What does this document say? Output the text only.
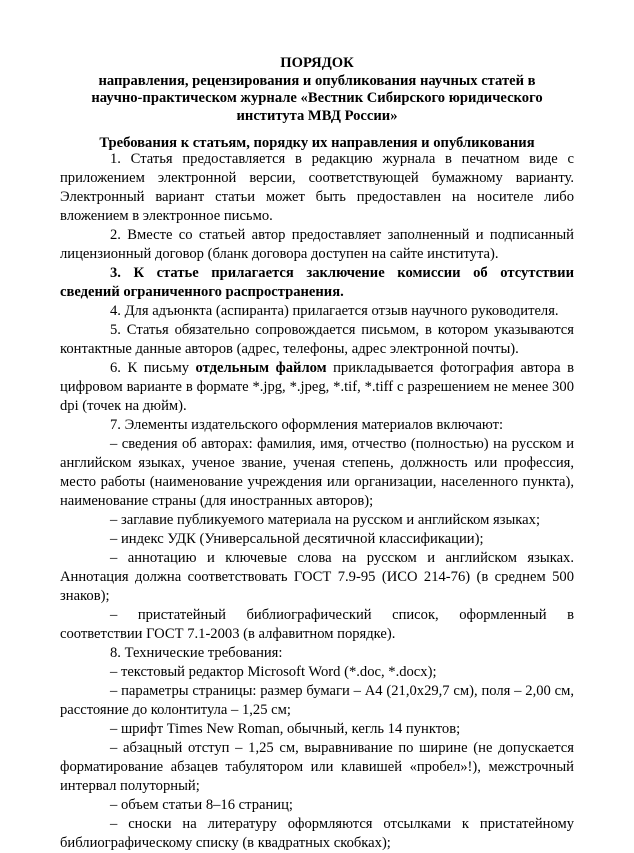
ПОРЯДОК
направления, рецензирования и опубликования научных статей в
научно-практическом журнале «Вестник Сибирского юридического
института МВД России»
Требования к статьям, порядку их направления и опубликования

1. Статья предоставляется в редакцию журнала в печатном виде с приложением электронной версии, соответствующей бумажному варианту. Электронный вариант статьи может быть предоставлен на носителе либо вложением в электронное письмо.

2. Вместе со статьей автор предоставляет заполненный и подписанный лицензионный договор (бланк договора доступен на сайте института).

3. К статье прилагается заключение комиссии об отсутствии сведений ограниченного распространения.

4. Для адъюнкта (аспиранта) прилагается отзыв научного руководителя.

5. Статья обязательно сопровождается письмом, в котором указываются контактные данные авторов (адрес, телефоны, адрес электронной почты).

6. К письму отдельным файлом прикладывается фотография автора в цифровом варианте в формате *.jpg, *.jpeg, *.tif, *.tiff с разрешением не менее 300 dpi (точек на дюйм).

7. Элементы издательского оформления материалов включают:

– сведения об авторах: фамилия, имя, отчество (полностью) на русском и английском языках, ученое звание, ученая степень, должность или профессия, место работы (наименование учреждения или организации, населенного пункта), наименование страны (для иностранных авторов);

– заглавие публикуемого материала на русском и английском языках;

– индекс УДК (Универсальной десятичной классификации);

– аннотацию и ключевые слова на русском и английском языках. Аннотация должна соответствовать ГОСТ 7.9-95 (ИСО 214-76) (в среднем 500 знаков);

– пристатейный библиографический список, оформленный в соответствии ГОСТ 7.1-2003 (в алфавитном порядке).

8. Технические требования:

– текстовый редактор Microsoft Word (*.doc, *.docx);

– параметры страницы: размер бумаги – А4 (21,0х29,7 см), поля – 2,00 см, расстояние до колонтитула – 1,25 см;

– шрифт Times New Roman, обычный, кегль 14 пунктов;

– абзацный отступ – 1,25 см, выравнивание по ширине (не допускается форматирование абзацев табулятором или клавишей «пробел»!), межстрочный интервал полуторный;

– объем статьи 8–16 страниц;

– сноски на литературу оформляются отсылками к пристатейному библиографическому списку (в квадратных скобках);
